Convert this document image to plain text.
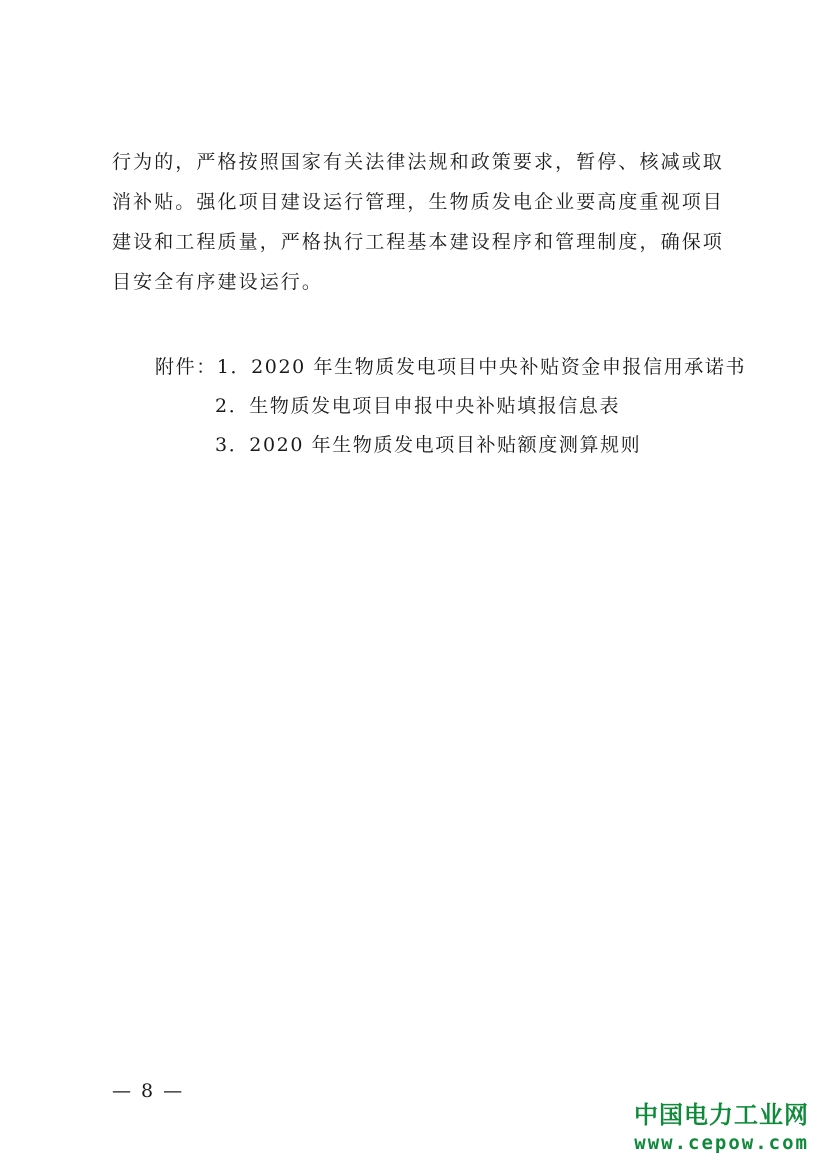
行为的，严格按照国家有关法律法规和政策要求，暂停、核减或取
消补贴。强化项目建设运行管理，生物质发电企业要高度重视项目
建设和工程质量，严格执行工程基本建设程序和管理制度，确保项
目安全有序建设运行。
附件：1．2020 年生物质发电项目中央补贴资金申报信用承诺书
2．生物质发电项目申报中央补贴填报信息表
3．2020 年生物质发电项目补贴额度测算规则
— 8 —
中国电力工业网
www.cepow.com
